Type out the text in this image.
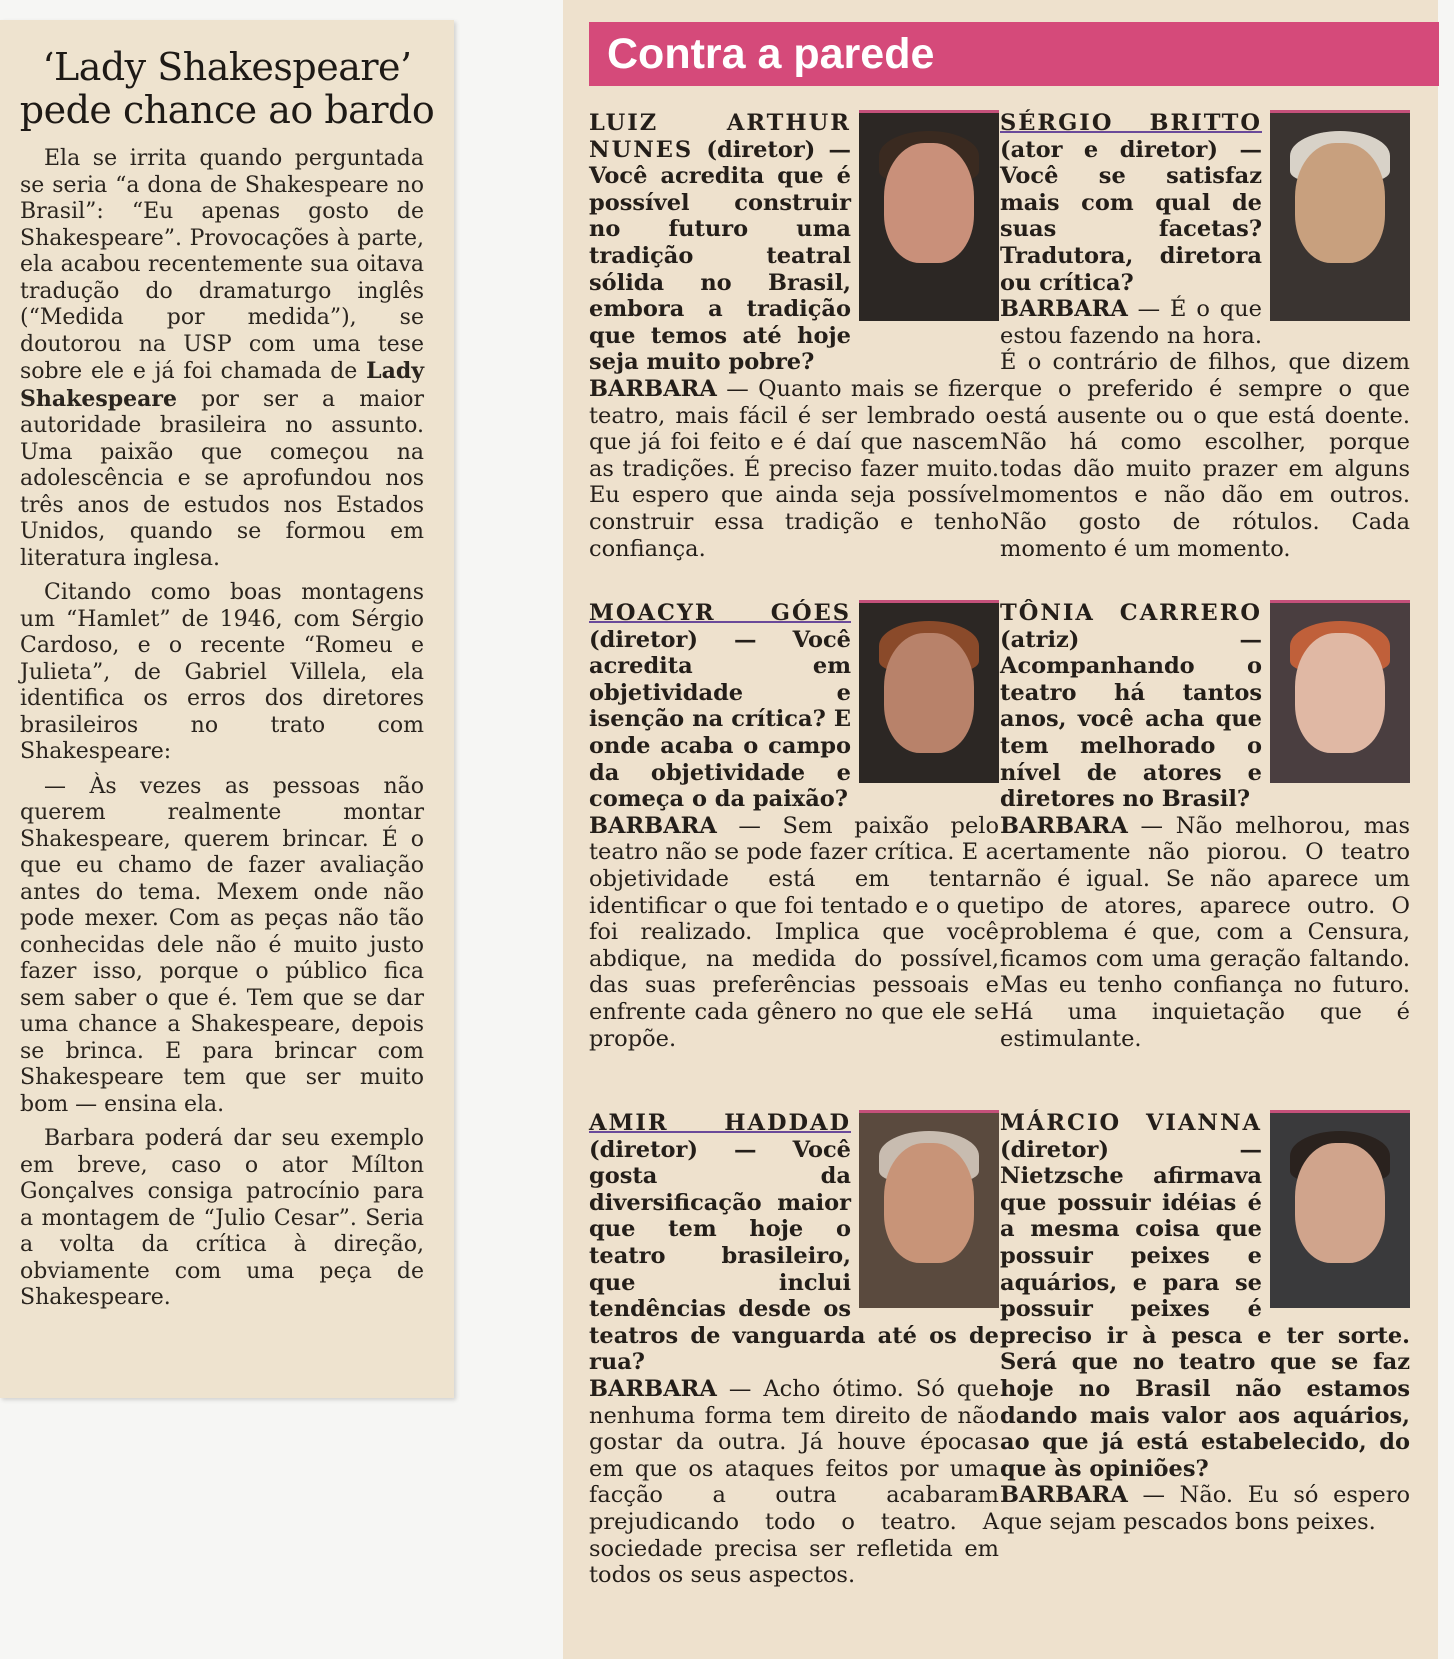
‘Lady Shakespeare’
pede chance ao bardo

Ela se irrita quando perguntada se seria “a dona de Shakespeare no Brasil”: “Eu apenas gosto de Shakespeare”. Provocações à parte, ela acabou recentemente sua oitava tradução do dramaturgo inglês (“Medida por medida”), se doutorou na USP com uma tese sobre ele e já foi chamada de Lady Shakespeare por ser a maior autoridade brasileira no assunto. Uma paixão que começou na adolescência e se aprofundou nos três anos de estudos nos Estados Unidos, quando se formou em literatura inglesa.

Citando como boas montagens um “Hamlet” de 1946, com Sérgio Cardoso, e o recente “Romeu e Julieta”, de Gabriel Villela, ela identifica os erros dos diretores brasileiros no trato com Shakespeare:

— Às vezes as pessoas não querem realmente montar Shakespeare, querem brincar. É o que eu chamo de fazer avaliação antes do tema. Mexem onde não pode mexer. Com as peças não tão conhecidas dele não é muito justo fazer isso, porque o público fica sem saber o que é. Tem que se dar uma chance a Shakespeare, depois se brinca. E para brincar com Shakespeare tem que ser muito bom — ensina ela.

Barbara poderá dar seu exemplo em breve, caso o ator Mílton Gonçalves consiga patrocínio para a montagem de “Julio Cesar”. Seria a volta da crítica à direção, obviamente com uma peça de Shakespeare.

Contra a parede
LUIZ ARTHUR NUNES (diretor) — Você acredita que é possível construir no futuro uma tradição teatral sólida no Brasil, embora a tradição que temos até hoje seja muito pobre?
BARBARA — Quanto mais se fizer teatro, mais fácil é ser lembrado o que já foi feito e é daí que nascem as tradições. É preciso fazer muito. Eu espero que ainda seja possível construir essa tradição e tenho confiança.
SÉRGIO BRITTO (ator e diretor) — Você se satisfaz mais com qual de suas facetas? Tradutora, diretora ou crítica?
BARBARA — É o que estou fazendo na hora. É o contrário de filhos, que dizem que o preferido é sempre o que está ausente ou o que está doente. Não há como escolher, porque todas dão muito prazer em alguns momentos e não dão em outros. Não gosto de rótulos. Cada momento é um momento.
MOACYR GÓES (diretor) — Você acredita em objetividade e isenção na crítica? E onde acaba o campo da objetividade e começa o da paixão?
BARBARA — Sem paixão pelo teatro não se pode fazer crítica. E a objetividade está em tentar identificar o que foi tentado e o que foi realizado. Implica que você abdique, na medida do possível, das suas preferências pessoais e enfrente cada gênero no que ele se propõe.
TÔNIA CARRERO (atriz) — Acompanhando o teatro há tantos anos, você acha que tem melhorado o nível de atores e diretores no Brasil?
BARBARA — Não melhorou, mas certamente não piorou. O teatro não é igual. Se não aparece um tipo de atores, aparece outro. O problema é que, com a Censura, ficamos com uma geração faltando. Mas eu tenho confiança no futuro. Há uma inquietação que é estimulante.
AMIR HADDAD (diretor) — Você gosta da diversificação maior que tem hoje o teatro brasileiro, que inclui tendências desde os teatros de vanguarda até os de rua?
BARBARA — Acho ótimo. Só que nenhuma forma tem direito de não gostar da outra. Já houve épocas em que os ataques feitos por uma facção a outra acabaram prejudicando todo o teatro. A sociedade precisa ser refletida em todos os seus aspectos.
MÁRCIO VIANNA (diretor) — Nietzsche afirmava que possuir idéias é a mesma coisa que possuir peixes e aquários, e para se possuir peixes é preciso ir à pesca e ter sorte. Será que no teatro que se faz hoje no Brasil não estamos dando mais valor aos aquários, ao que já está estabelecido, do que às opiniões?
BARBARA — Não. Eu só espero que sejam pescados bons peixes.
